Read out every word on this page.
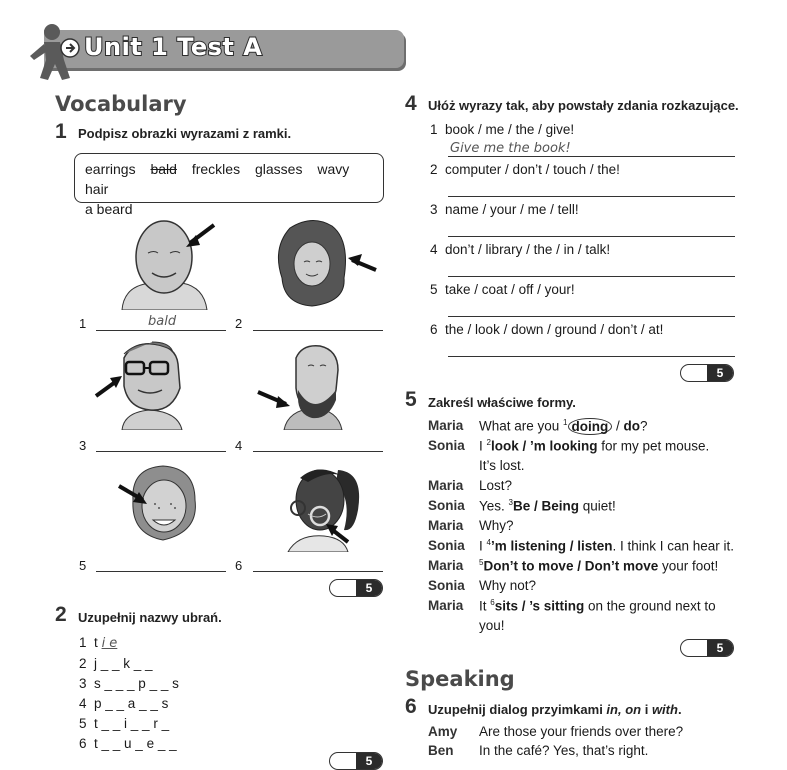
Unit 1 Test A
Vocabulary
1 Podpisz obrazki wyrazami z ramki.
earrings bald freckles glasses wavy hair
a beard
1	bald	2
3	4
5	6
5
2 Uzupełnij nazwy ubrań.
1 t i e
2 j _ _ k _ _
3 s _ _ _ p _ _ s
4 p _ _ a _ _ s
5 t _ _ i _ _ r _
6 t _ _ u _ e _ _
5
4 Ułóż wyrazy tak, aby powstały zdania rozkazujące.
1 book / me / the / give!
Give me the book!
2 computer / don’t / touch / the!
3 name / your / me / tell!
4 don’t / library / the / in / talk!
5 take / coat / off / your!
6 the / look / down / ground / don’t / at!
5
5 Zakreśl właściwe formy.
Maria What are you $^1$ doing / do?
Sonia I $^2$look / ’m looking for my pet mouse.
It’s lost.
Maria Lost?
Sonia Yes. $^3$Be / Being quiet!
Maria Why?
Sonia I $^4$’m listening / listen. I think I can hear it.
Maria $^5$Don’t to move / Don’t move your foot!
Sonia Why not?
Maria It $^6$sits / ’s sitting on the ground next to
you!
5
Speaking
6 Uzupełnij dialog przyimkami in, on i with.
Amy Are those your friends over there?
Ben In the café? Yes, that’s right.
